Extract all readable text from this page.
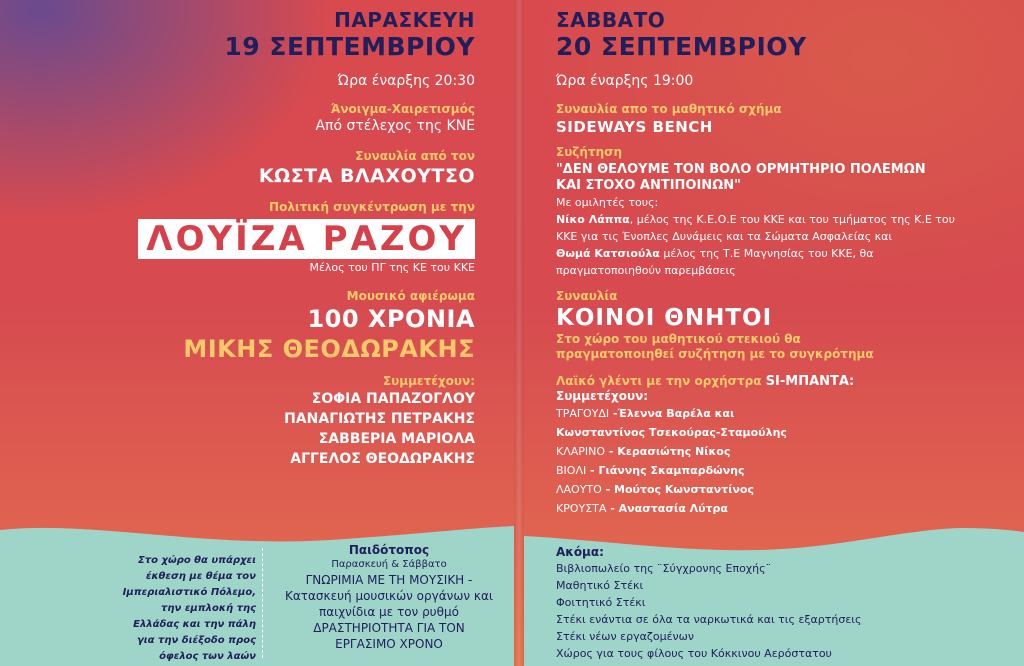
ΠΑΡΑΣΚΕΥΗ
19 ΣΕΠΤΕΜΒΡΙΟΥ
Ώρα έναρξης 20:30
Άνοιγμα-Χαιρετισμός
Από στέλεχος της ΚΝΕ
Συναυλία από τον
ΚΩΣΤΑ ΒΛΑΧΟΥΤΣΟ
Πολιτική συγκέντρωση με την
ΛΟΥΪΖΑ ΡΑΖΟΥ
Μέλος του ΠΓ της ΚΕ του ΚΚΕ
Μουσικό αφιέρωμα
100 ΧΡΟΝΙΑ
ΜΙΚΗΣ ΘΕΟΔΩΡΑΚΗΣ
Συμμετέχουν:
ΣΟΦΙΑ ΠΑΠΑΖΟΓΛΟΥ
ΠΑΝΑΓΙΩΤΗΣ ΠΕΤΡΑΚΗΣ
ΣΑΒΒΕΡΙΑ ΜΑΡΙΟΛΑ
ΑΓΓΕΛΟΣ ΘΕΟΔΩΡΑΚΗΣ
ΣΑΒΒΑΤΟ
20 ΣΕΠΤΕΜΒΡΙΟΥ
Ώρα έναρξης 19:00
Συναυλία απο το μαθητικό σχήμα
SIDEWAYS BENCH
Συζήτηση
"ΔΕΝ ΘΕΛΟΥΜΕ ΤΟΝ ΒΟΛΟ ΟΡΜΗΤΗΡΙΟ ΠΟΛΕΜΩΝ
ΚΑΙ ΣΤΟΧΟ ΑΝΤΙΠΟΙΝΩΝ"
Με ομιλητές τους:
Νίκο Λάππα, μέλος της Κ.Ε.Ο.Ε του ΚΚΕ και του τμήματος της Κ.Ε του
ΚΚΕ για τις Ένοπλες Δυνάμεις και τα Σώματα Ασφαλείας και
Θωμά Κατσιούλα μέλος της Τ.Ε Μαγνησίας του ΚΚΕ, θα
πραγματοποιηθούν παρεμβάσεις
Συναυλία
ΚΟΙΝΟΙ ΘΝΗΤΟΙ
Στο χώρο του μαθητικού στεκιού θα
πραγματοποιηθεί συζήτηση με το συγκρότημα
Λαϊκό γλέντι με την ορχήστρα SI-ΜΠΑΝΤΑ:
Συμμετέχουν:
ΤΡΑΓΟΥΔΙ -Έλεννα Βαρέλα και
Κωνσταντίνος Τσεκούρας-Σταμούλης
ΚΛΑΡΙΝΟ - Κερασιώτης Νίκος
ΒΙΟΛΙ - Γιάννης Σκαμπαρδώνης
ΛΑΟΥΤΟ - Μούτος Κωνσταντίνος
ΚΡΟΥΣΤΑ - Αναστασία Λύτρα
Στο χώρο θα υπάρχει
έκθεση με θέμα τον
Ιμπεριαλιστικό Πόλεμο,
την εμπλοκή της
Ελλάδας και την πάλη
για την διέξοδο προς
όφελος των λαών
Παιδότοπος
Παρασκευή & Σάββατο
ΓΝΩΡΙΜΙΑ ΜΕ ΤΗ ΜΟΥΣΙΚΗ -
Κατασκευή μουσικών οργάνων και
παιχνίδια με τον ρυθμό
ΔΡΑΣΤΗΡΙΟΤΗΤΑ ΓΙΑ ΤΟΝ
ΕΡΓΑΣΙΜΟ ΧΡΟΝΟ
Ακόμα:
Βιβλιοπωλείο της ¨Σύγχρονης Εποχής¨
Μαθητικό Στέκι
Φοιτητικό Στέκι
Στέκι ενάντια σε όλα τα ναρκωτικά και τις εξαρτήσεις
Στέκι νέων εργαζομένων
Χώρος για τους φίλους του Κόκκινου Αερόστατου
